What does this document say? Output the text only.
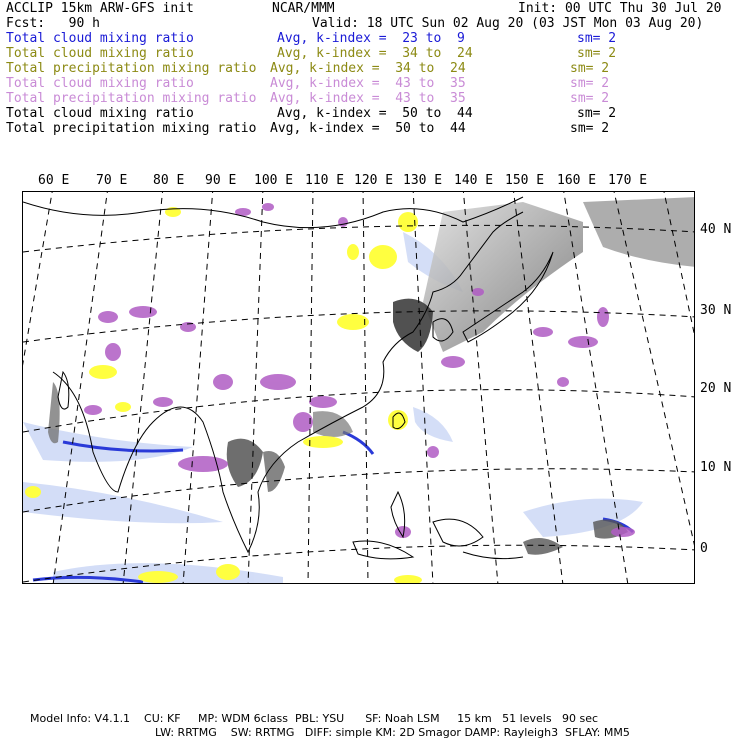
ACCLIP 15km ARW-GFS init	NCAR/MMM	Init: 00 UTC Thu 30 Jul 20
Fcst:   90 h	Valid: 18 UTC Sun 02 Aug 20 (03 JST Mon 03 Aug 20)
Total cloud mixing ratio	Avg, k-index =  23 to  9	sm= 2
Total cloud mixing ratio	Avg, k-index =  34 to  24	sm= 2
Total precipitation mixing ratio Avg, k-index =  34 to  24	sm= 2
Total cloud mixing ratio	Avg, k-index =  43 to  35	sm= 2
Total precipitation mixing ratio Avg, k-index =  43 to  35	sm= 2
Total cloud mixing ratio	Avg, k-index =  50 to  44	sm= 2
Total precipitation mixing ratio Avg, k-index =  50 to  44	sm= 2
60 E 70 E 80 E 90 E 100 E 110 E 120 E 130 E 140 E 150 E 160 E 170 E
40 N
30 N
20 N
10 N
0
Model Info: V4.1.1    CU: KF     MP: WDM 6class  PBL: YSU      SF: Noah LSM     15 km   51 levels   90 sec
LW: RRTMG    SW: RRTMG   DIFF: simple KM: 2D Smagor DAMP: Rayleigh3  SFLAY: MM5
